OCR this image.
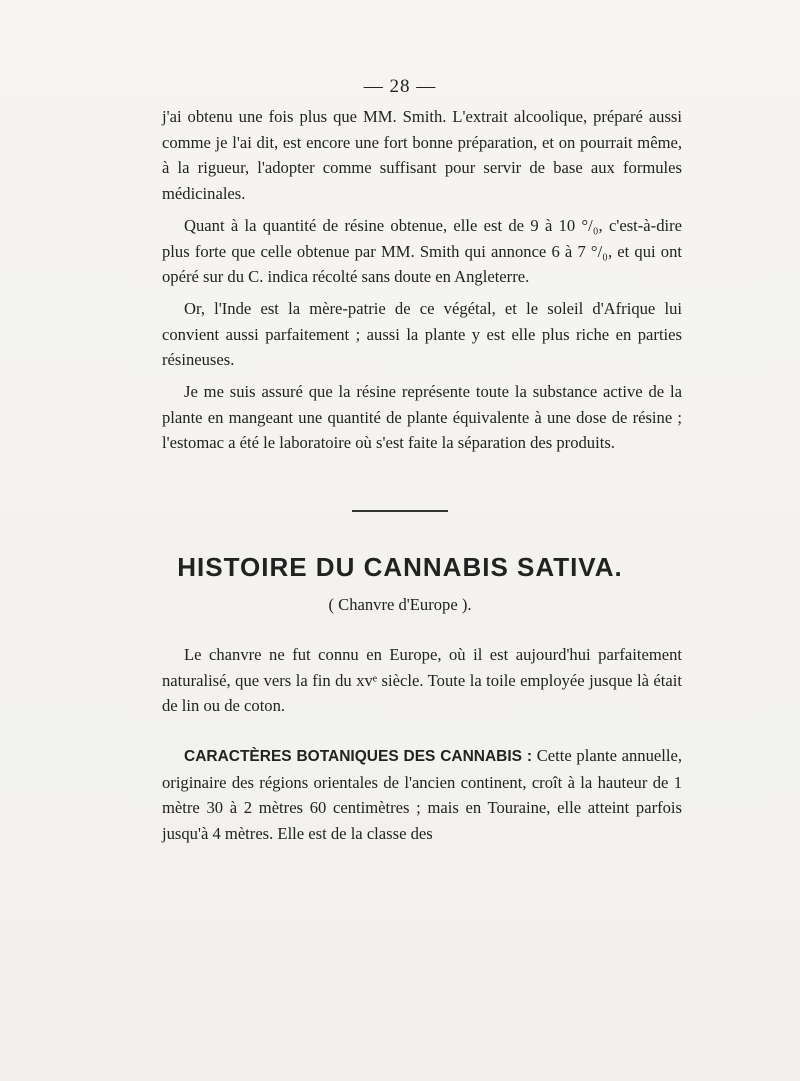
— 28 —

j'ai obtenu une fois plus que MM. Smith. L'extrait alcoolique, préparé aussi comme je l'ai dit, est encore une fort bonne préparation, et on pourrait même, à la rigueur, l'adopter comme suffisant pour servir de base aux formules médicinales.

Quant à la quantité de résine obtenue, elle est de 9 à 10 °/₀, c'est-à-dire plus forte que celle obtenue par MM. Smith qui annonce 6 à 7 °/₀, et qui ont opéré sur du C. indica récolté sans doute en Angleterre.

Or, l'Inde est la mère-patrie de ce végétal, et le soleil d'Afrique lui convient aussi parfaitement ; aussi la plante y est elle plus riche en parties résineuses.

Je me suis assuré que la résine représente toute la substance active de la plante en mangeant une quantité de plante équivalente à une dose de résine ; l'estomac a été le laboratoire où s'est faite la séparation des produits.

HISTOIRE DU CANNABIS SATIVA.
( Chanvre d'Europe ).

Le chanvre ne fut connu en Europe, où il est aujourd'hui parfaitement naturalisé, que vers la fin du xvᵉ siècle. Toute la toile employée jusque là était de lin ou de coton.

CARACTÈRES BOTANIQUES DES CANNABIS : Cette plante annuelle, originaire des régions orientales de l'ancien continent, croît à la hauteur de 1 mètre 30 à 2 mètres 60 centimètres ; mais en Touraine, elle atteint parfois jusqu'à 4 mètres. Elle est de la classe des
